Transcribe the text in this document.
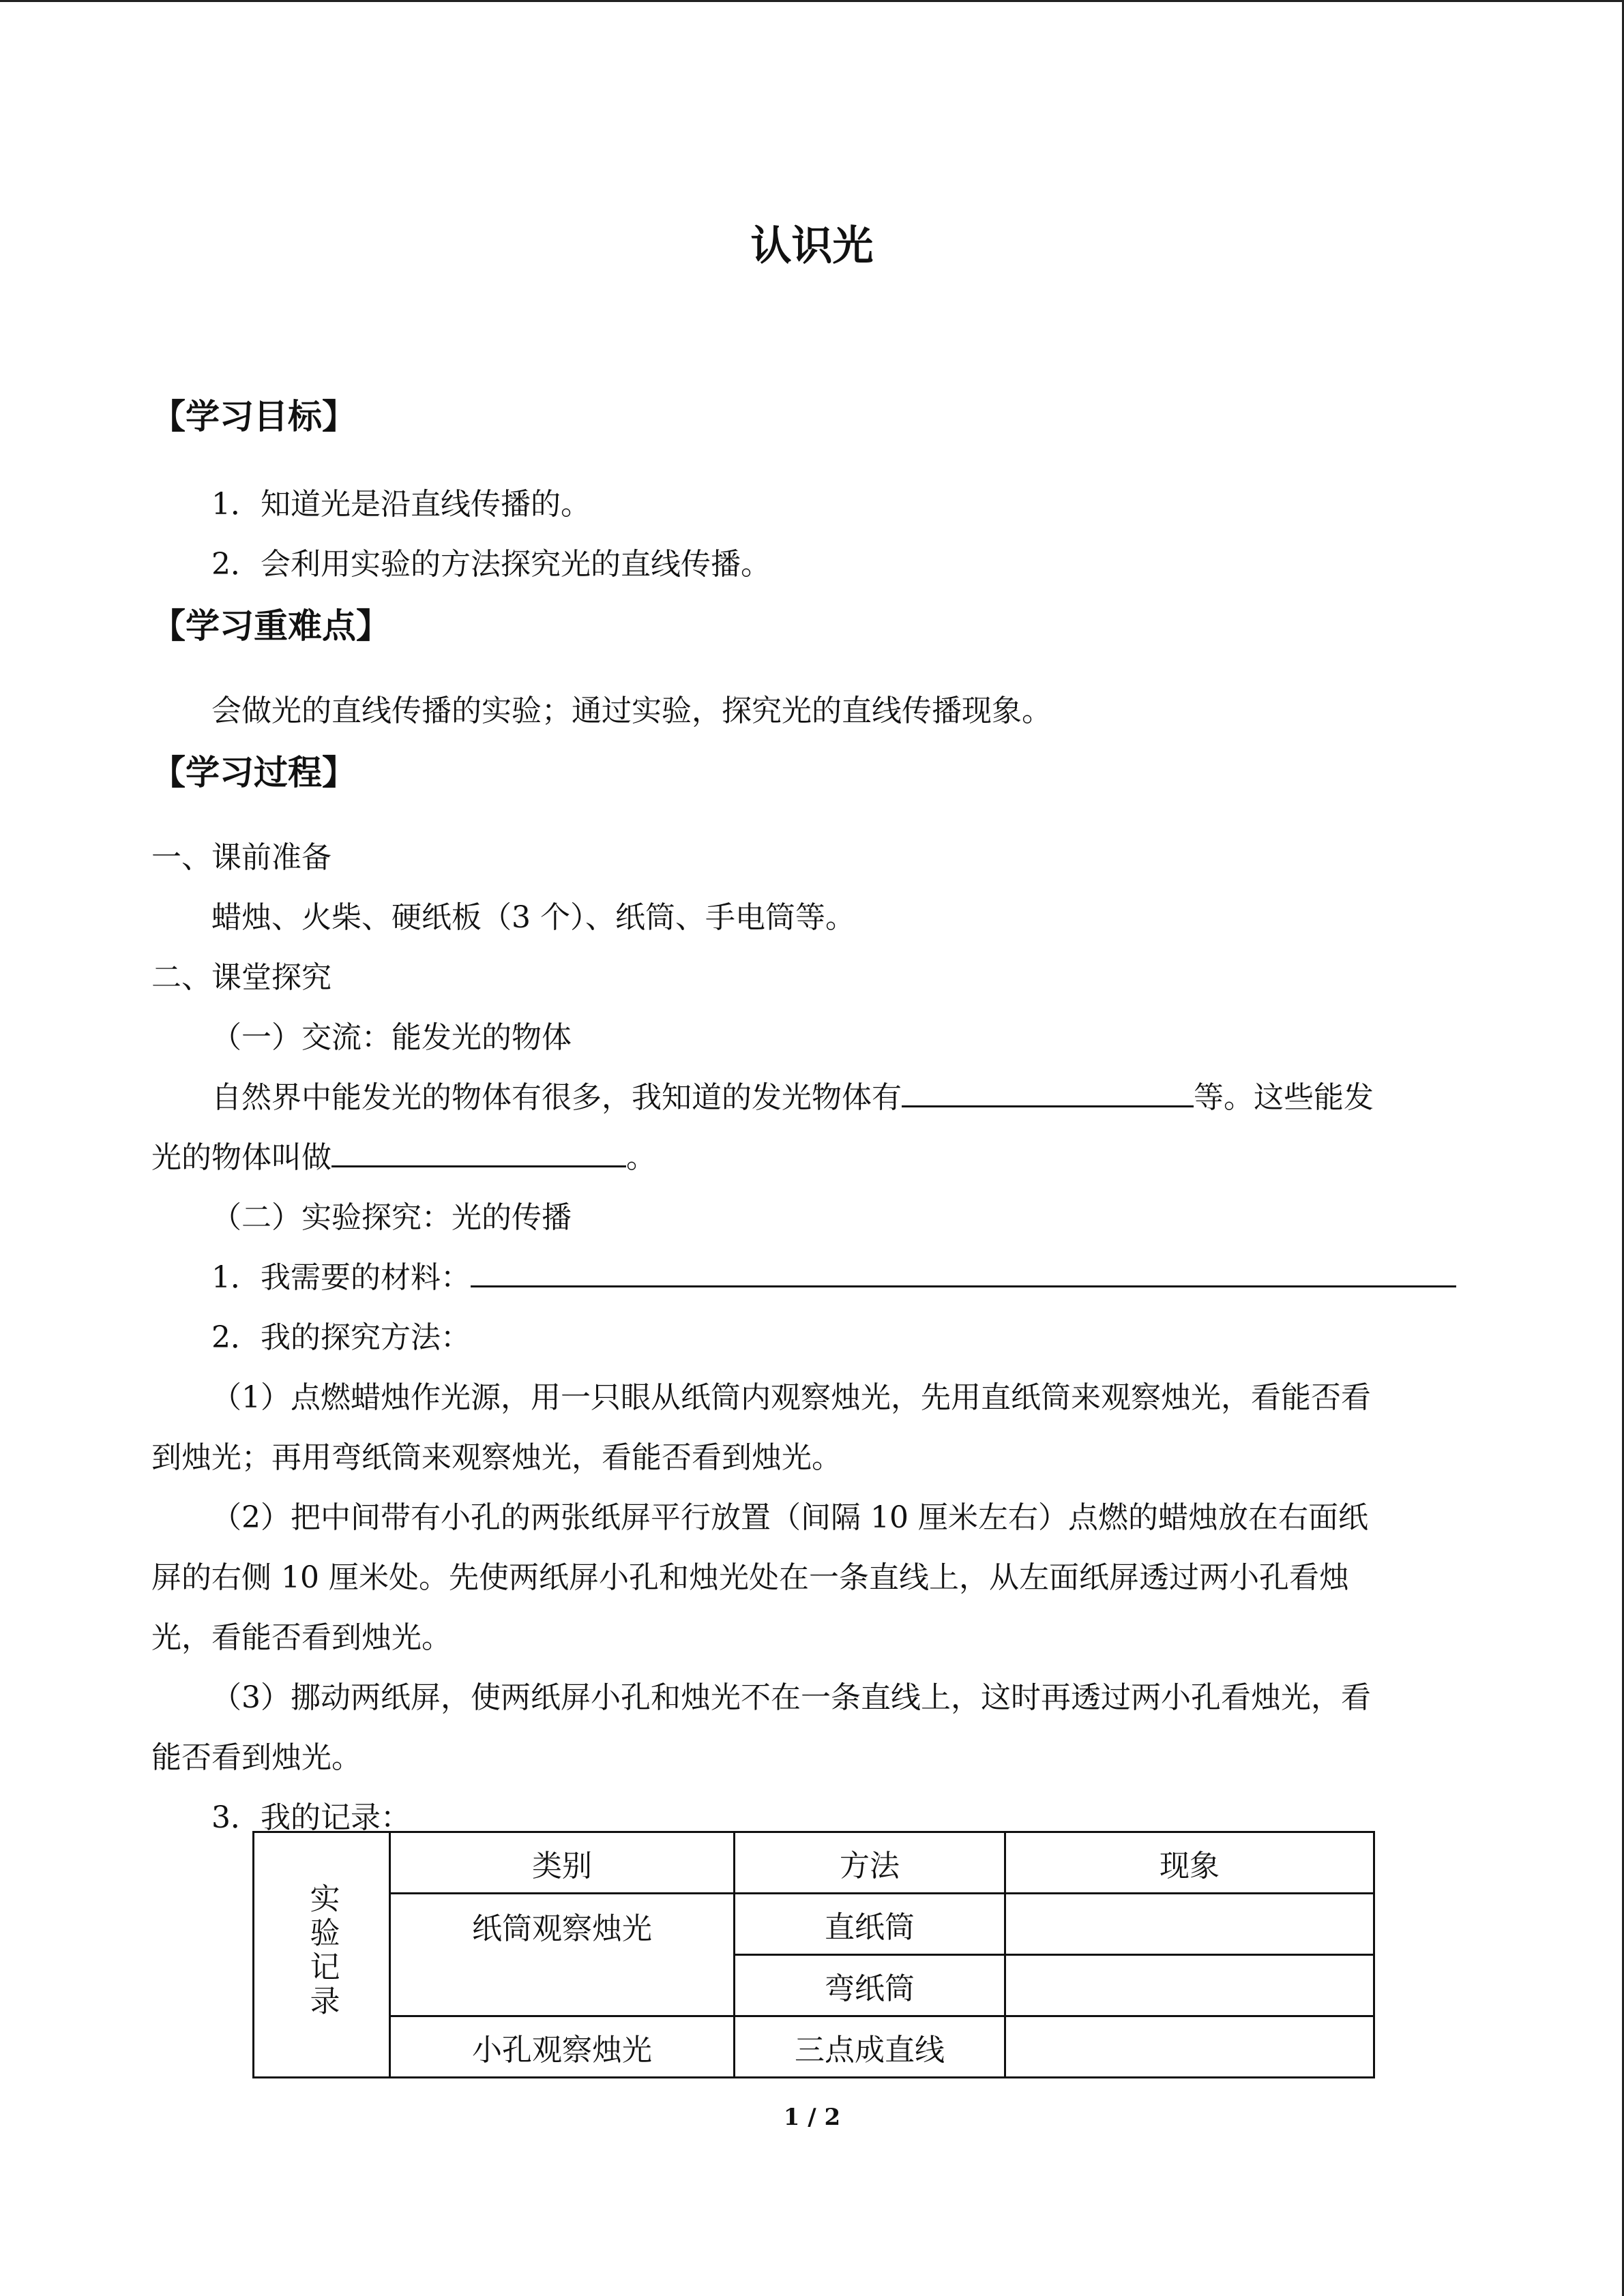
认识光
【学习目标】
1．知道光是沿直线传播的。
2．会利用实验的方法探究光的直线传播。
【学习重难点】
会做光的直线传播的实验；通过实验，探究光的直线传播现象。
【学习过程】
一、课前准备
蜡烛、火柴、硬纸板（3 个）、纸筒、手电筒等。
二、课堂探究
（一）交流：能发光的物体
自然界中能发光的物体有很多，我知道的发光物体有	等。这些能发
光的物体叫做	。
（二）实验探究：光的传播
1．我需要的材料：
2．我的探究方法：
（1）点燃蜡烛作光源，用一只眼从纸筒内观察烛光，先用直纸筒来观察烛光，看能否看
到烛光；再用弯纸筒来观察烛光，看能否看到烛光。
（2）把中间带有小孔的两张纸屏平行放置（间隔 10 厘米左右）点燃的蜡烛放在右面纸
屏的右侧 10 厘米处。先使两纸屏小孔和烛光处在一条直线上，从左面纸屏透过两小孔看烛
光，看能否看到烛光。
（3）挪动两纸屏，使两纸屏小孔和烛光不在一条直线上，这时再透过两小孔看烛光，看
能否看到烛光。
3．我的记录：
实验记录	类别	方法	现象
	纸筒观察烛光	直纸筒	
		弯纸筒	
	小孔观察烛光	三点成直线	
1 / 2
